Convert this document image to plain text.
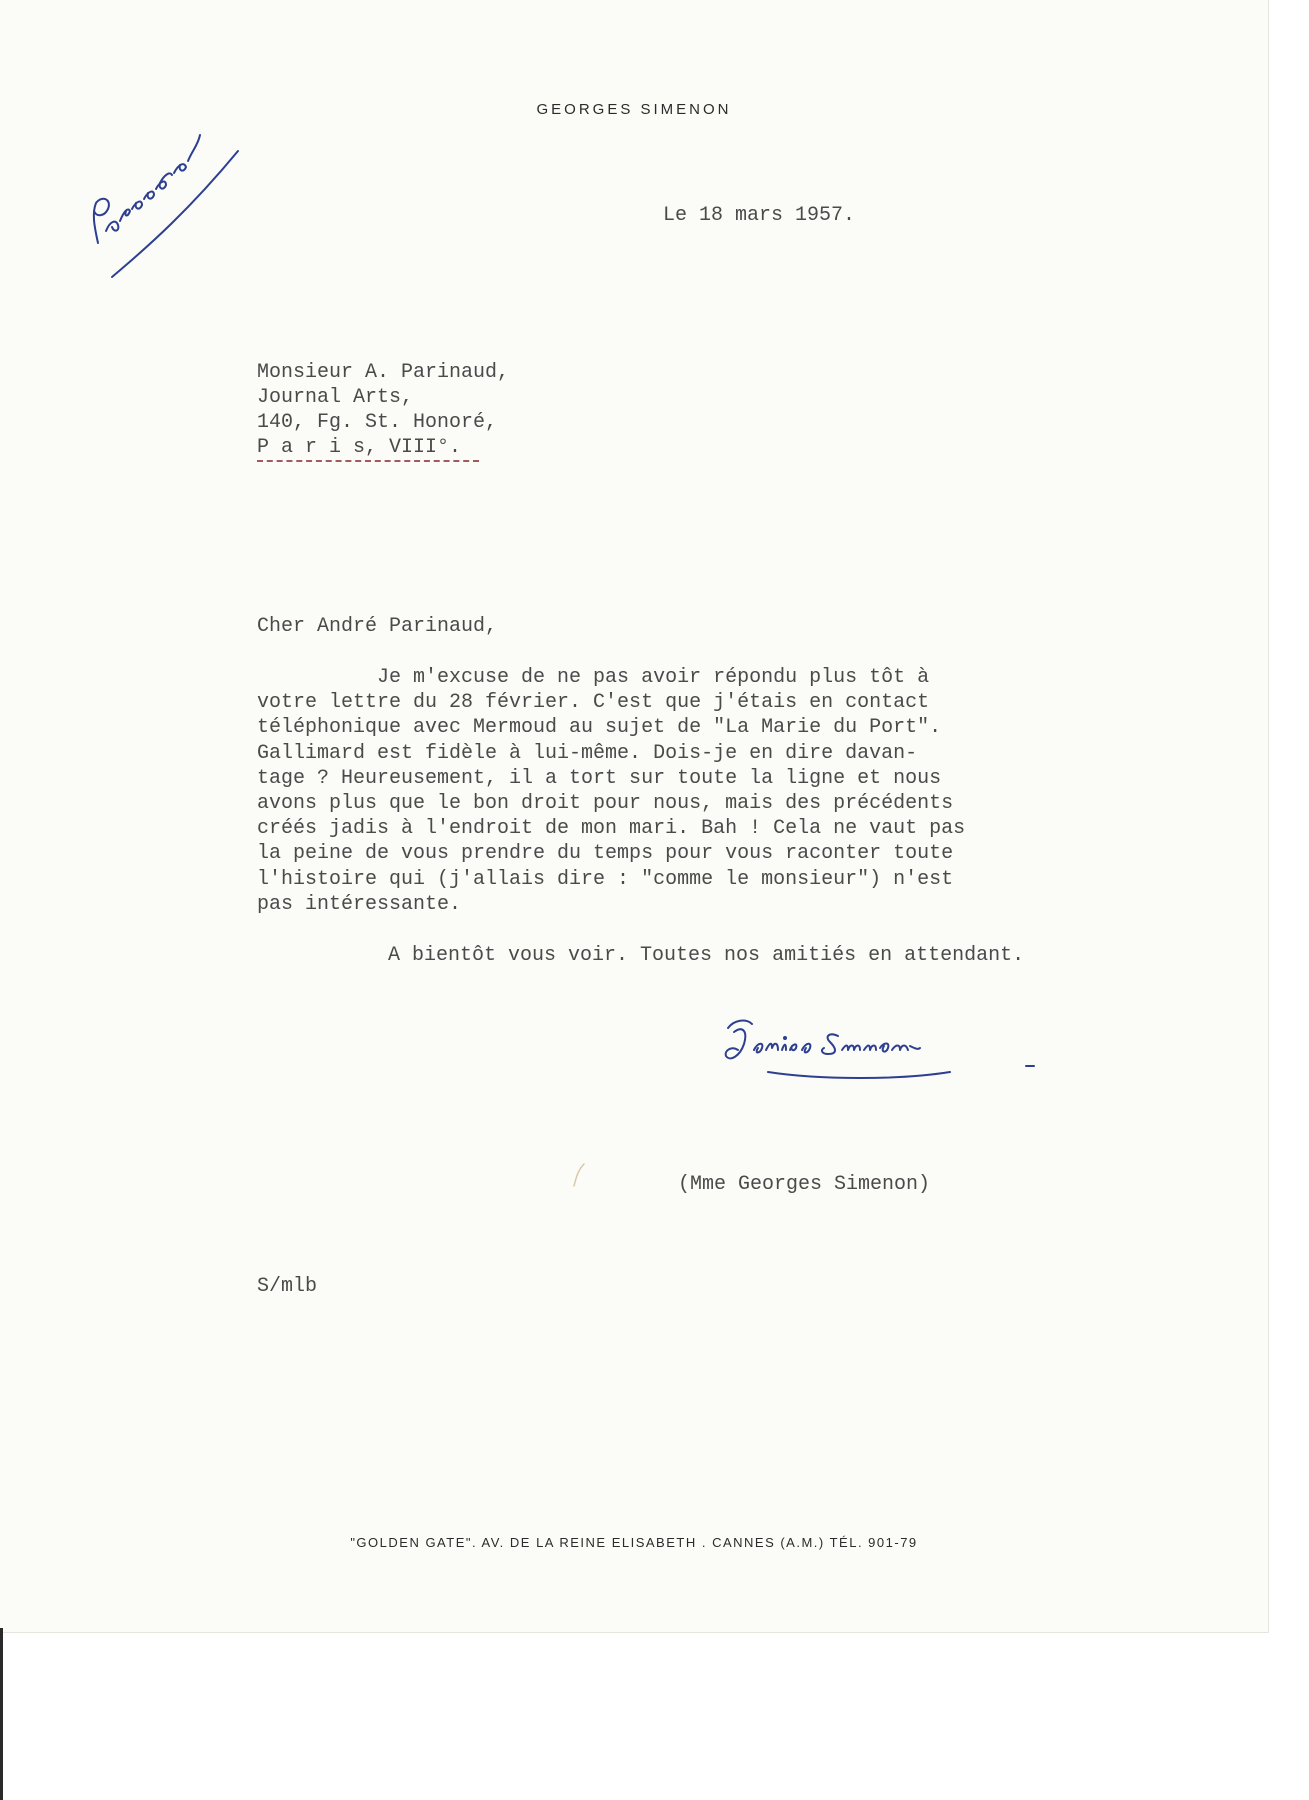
GEORGES SIMENON
Le 18 mars 1957.
Monsieur A. Parinaud,
Journal Arts,
140, Fg. St. Honoré,
P a r i s, VIII°.
Cher André Parinaud,
Je m'excuse de ne pas avoir répondu plus tôt à
votre lettre du 28 février. C'est que j'étais en contact
téléphonique avec Mermoud au sujet de "La Marie du Port".
Gallimard est fidèle à lui-même. Dois-je en dire davan-
tage ? Heureusement, il a tort sur toute la ligne et nous
avons plus que le bon droit pour nous, mais des précédents
créés jadis à l'endroit de mon mari. Bah ! Cela ne vaut pas
la peine de vous prendre du temps pour vous raconter toute
l'histoire qui (j'allais dire : "comme le monsieur") n'est
pas intéressante.
A bientôt vous voir. Toutes nos amitiés en attendant.
(Mme Georges Simenon)
S/mlb
"GOLDEN GATE". AV. DE LA REINE ELISABETH . CANNES (A.M.) TÉL. 901-79
